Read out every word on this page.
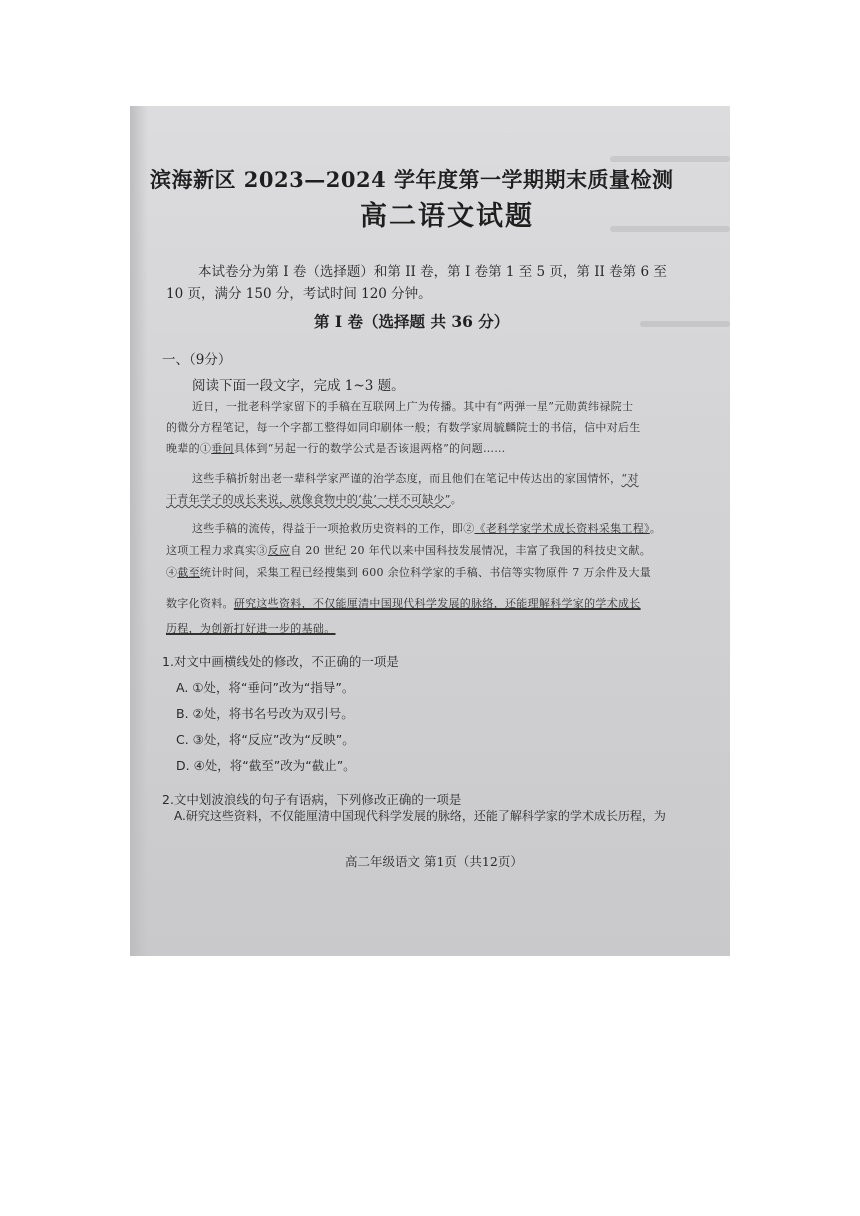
滨海新区 2023—2024 学年度第一学期期末质量检测

高二语文试题

本试卷分为第 I 卷（选择题）和第 II 卷，第 I 卷第 1 至 5 页，第 II 卷第 6 至

10 页，满分 150 分，考试时间 120 分钟。

第 I 卷（选择题 共 36 分）

一、（9分）

阅读下面一段文字，完成 1~3 题。

近日，一批老科学家留下的手稿在互联网上广为传播。其中有“两弹一星”元勋黄纬禄院士

的微分方程笔记，每一个字都工整得如同印刷体一般；有数学家周毓麟院士的书信，信中对后生

晚辈的①垂问具体到“另起一行的数学公式是否该退两格”的问题……

这些手稿折射出老一辈科学家严谨的治学态度，而且他们在笔记中传达出的家国情怀，“对

于青年学子的成长来说，就像食物中的‘盐’一样不可缺少”。

这些手稿的流传，得益于一项抢救历史资料的工作，即②《老科学家学术成长资料采集工程》。

这项工程力求真实③反应自 20 世纪 20 年代以来中国科技发展情况，丰富了我国的科技史文献。

④截至统计时间，采集工程已经搜集到 600 余位科学家的手稿、书信等实物原件 7 万余件及大量

数字化资料。研究这些资料，不仅能厘清中国现代科学发展的脉络，还能理解科学家的学术成长

历程，为创新打好进一步的基础。

1.对文中画横线处的修改，不正确的一项是

A. ①处，将“垂问”改为“指导”。

B. ②处，将书名号改为双引号。

C. ③处，将“反应”改为“反映”。

D. ④处，将“截至”改为“截止”。

2.文中划波浪线的句子有语病，下列修改正确的一项是

A.研究这些资料，不仅能厘清中国现代科学发展的脉络，还能了解科学家的学术成长历程，为

高二年级语文 第1页（共12页）
